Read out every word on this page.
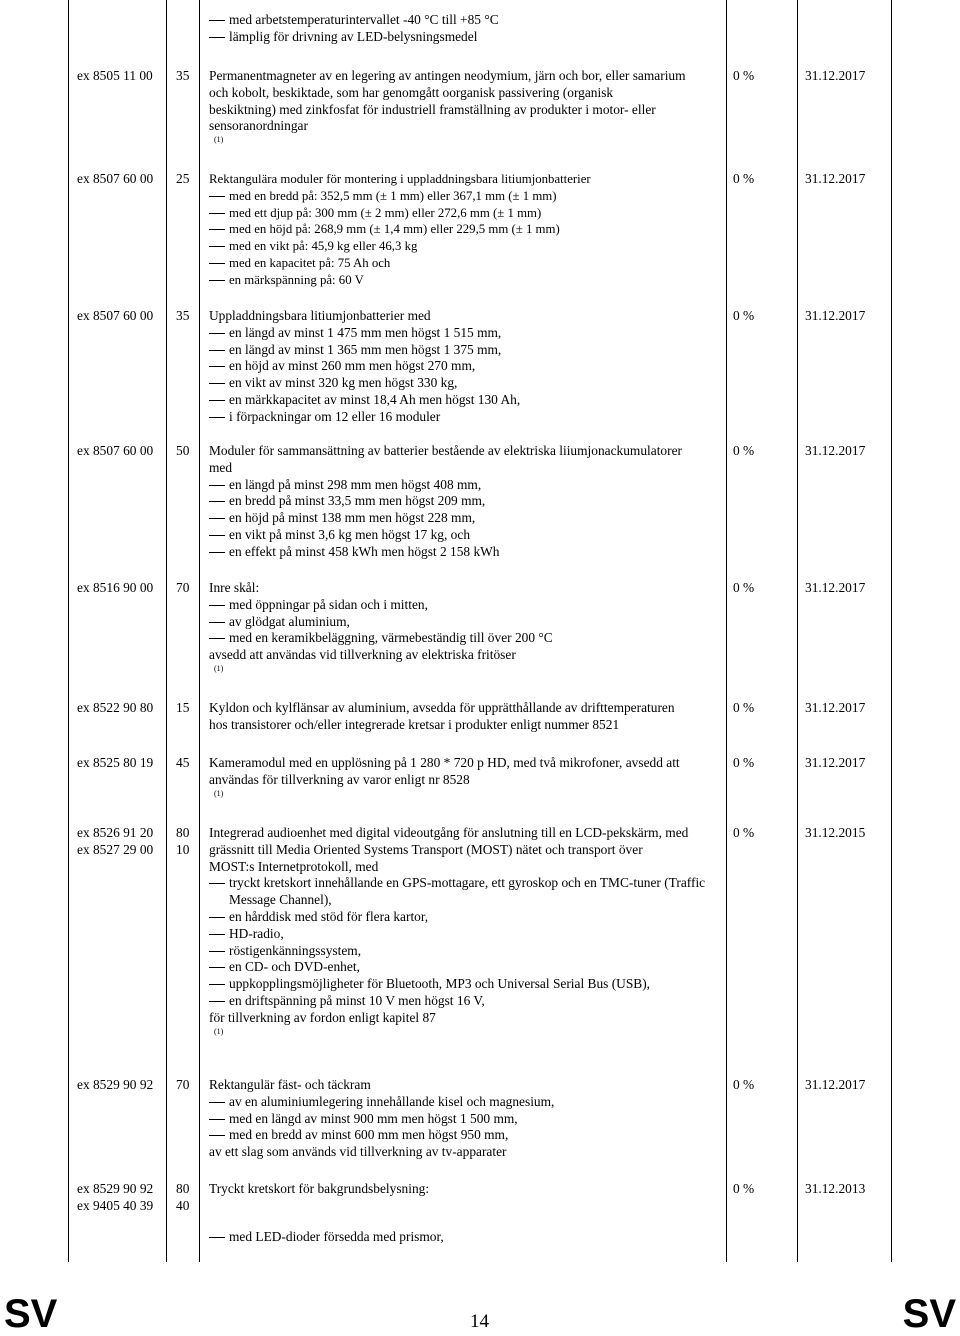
med arbetstemperaturintervallet -40 °C till +85 °C
lämplig för drivning av LED-belysningsmedel
ex 8505 11 00 35 Permanentmagneter av en legering av antingen neodymium, järn och bor, eller samarium
och kobolt, beskiktade, som har genomgått oorganisk passivering (organisk
beskiktning) med zinkfosfat för industriell framställning av produkter i motor- eller
sensoranordningar
(1)
0 %	31.12.2017
ex 8507 60 00 25 Rektangulära moduler för montering i uppladdningsbara litiumjonbatterier
med en bredd på: 352,5 mm (± 1 mm) eller 367,1 mm (± 1 mm)
med ett djup på: 300 mm (± 2 mm) eller 272,6 mm (± 1 mm)
med en höjd på: 268,9 mm (± 1,4 mm) eller 229,5 mm (± 1 mm)
med en vikt på: 45,9 kg eller 46,3 kg
med en kapacitet på: 75 Ah och
en märkspänning på: 60 V
0 %	31.12.2017
ex 8507 60 00 35 Uppladdningsbara litiumjonbatterier med
en längd av minst 1 475 mm men högst 1 515 mm,
en längd av minst 1 365 mm men högst 1 375 mm,
en höjd av minst 260 mm men högst 270 mm,
en vikt av minst 320 kg men högst 330 kg,
en märkkapacitet av minst 18,4 Ah men högst 130 Ah,
i förpackningar om 12 eller 16 moduler
0 %	31.12.2017
ex 8507 60 00 50 Moduler för sammansättning av batterier bestående av elektriska liiumjonackumulatorer
med
en längd på minst 298 mm men högst 408 mm,
en bredd på minst 33,5 mm men högst 209 mm,
en höjd på minst 138 mm men högst 228 mm,
en vikt på minst 3,6 kg men högst 17 kg, och
en effekt på minst 458 kWh men högst 2 158 kWh
0 %	31.12.2017
ex 8516 90 00 70 Inre skål:
med öppningar på sidan och i mitten,
av glödgat aluminium,
med en keramikbeläggning, värmebeständig till över 200 °C
avsedd att användas vid tillverkning av elektriska fritöser
(1)
0 %	31.12.2017
ex 8522 90 80 15 Kyldon och kylflänsar av aluminium, avsedda för upprätthållande av drifttemperaturen
hos transistorer och/eller integrerade kretsar i produkter enligt nummer 8521
0 %	31.12.2017
ex 8525 80 19 45 Kameramodul med en upplösning på 1 280 * 720 p HD, med två mikrofoner, avsedd att
användas för tillverkning av varor enligt nr 8528
(1)
0 %	31.12.2017
ex 8526 91 20
ex 8527 29 00
80
10
Integrerad audioenhet med digital videoutgång för anslutning till en LCD-pekskärm, med
grässnitt till Media Oriented Systems Transport (MOST) nätet och transport över
MOST:s Internetprotokoll, med
tryckt kretskort innehållande en GPS-mottagare, ett gyroskop och en TMC-tuner (Traffic Message Channel),
en hårddisk med stöd för flera kartor,
HD-radio,
röstigenkänningssystem,
en CD- och DVD-enhet,
uppkopplingsmöjligheter för Bluetooth, MP3 och Universal Serial Bus (USB),
en driftspänning på minst 10 V men högst 16 V,
för tillverkning av fordon enligt kapitel 87
(1)
0 %	31.12.2015
ex 8529 90 92 70 Rektangulär fäst- och täckram
av en aluminiumlegering innehållande kisel och magnesium,
med en längd av minst 900 mm men högst 1 500 mm,
med en bredd av minst 600 mm men högst 950 mm,
av ett slag som används vid tillverkning av tv-apparater
0 %	31.12.2017
ex 8529 90 92
ex 9405 40 39
80
40
Tryckt kretskort för bakgrundsbelysning:
med LED-dioder försedda med prismor,
0 %	31.12.2013
SV	14	SV
